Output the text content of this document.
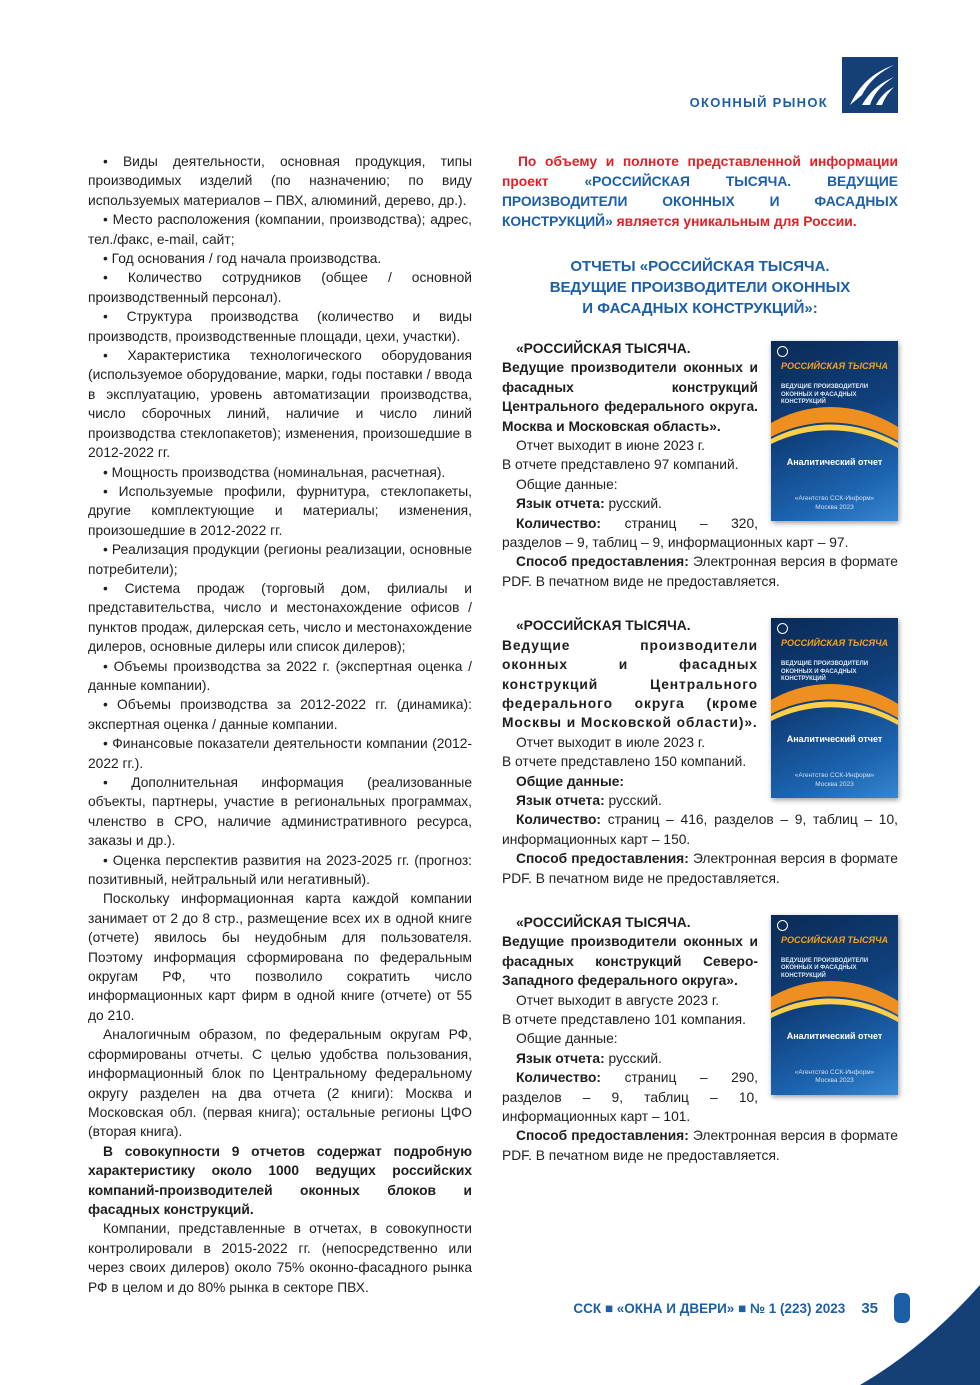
ОКОННЫЙ РЫНОК

• Виды деятельности, основная продукция, типы производимых изделий (по назначению; по виду используемых материалов – ПВХ, алюминий, дерево, др.).

• Место расположения (компании, производства); адрес, тел./факс, e-mail, сайт;

• Год основания / год начала производства.

• Количество сотрудников (общее / основной производственный персонал).

• Структура производства (количество и виды производств, производственные площади, цехи, участки).

• Характеристика технологического оборудования (используемое оборудование, марки, годы поставки / ввода в эксплуатацию, уровень автоматизации производства, число сборочных линий, наличие и число линий производства стеклопакетов); изменения, произошедшие в 2012-2022 гг.

• Мощность производства (номинальная, расчетная).

• Используемые профили, фурнитура, стеклопакеты, другие комплектующие и материалы; изменения, произошедшие в 2012-2022 гг.

• Реализация продукции (регионы реализации, основные потребители);

• Система продаж (торговый дом, филиалы и представительства, число и местонахождение офисов / пунктов продаж, дилерская сеть, число и местонахождение дилеров, основные дилеры или список дилеров);

• Объемы производства за 2022 г. (экспертная оценка / данные компании).

• Объемы производства за 2012-2022 гг. (динамика): экспертная оценка / данные компании.

• Финансовые показатели деятельности компании (2012-2022 гг.).

• Дополнительная информация (реализованные объекты, партнеры, участие в региональных программах, членство в СРО, наличие административного ресурса, заказы и др.).

• Оценка перспектив развития на 2023-2025 гг. (прогноз: позитивный, нейтральный или негативный).

Поскольку информационная карта каждой компании занимает от 2 до 8 стр., размещение всех их в одной книге (отчете) явилось бы неудобным для пользователя. Поэтому информация сформирована по федеральным округам РФ, что позволило сократить число информационных карт фирм в одной книге (отчете) от 55 до 210.

Аналогичным образом, по федеральным округам РФ, сформированы отчеты. С целью удобства пользования, информационный блок по Центральному федеральному округу разделен на два отчета (2 книги): Москва и Московская обл. (первая книга); остальные регионы ЦФО (вторая книга).

В совокупности 9 отчетов содержат подробную характеристику около 1000 ведущих российских компаний-производителей оконных блоков и фасадных конструкций.

Компании, представленные в отчетах, в совокупности контролировали в 2015-2022 гг. (непосредственно или через своих дилеров) около 75% оконно-фасадного рынка РФ в целом и до 80% рынка в секторе ПВХ.

По объему и полноте представленной информации проект «РОССИЙСКАЯ ТЫСЯЧА. ВЕДУЩИЕ ПРОИЗВОДИТЕЛИ ОКОННЫХ И ФАСАДНЫХ КОНСТРУКЦИЙ» является уникальным для России.

ОТЧЕТЫ «РОССИЙСКАЯ ТЫСЯЧА.
ВЕДУЩИЕ ПРОИЗВОДИТЕЛИ ОКОННЫХ
И ФАСАДНЫХ КОНСТРУКЦИЙ»:
РОССИЙСКАЯ ТЫСЯЧА
ВЕДУЩИЕ ПРОИЗВОДИТЕЛИ ОКОННЫХ И ФАСАДНЫХ КОНСТРУКЦИЙ
Аналитический отчет
«Агентство ССК-Информ»
Москва 2023

«РОССИЙСКАЯ ТЫСЯЧА.

Ведущие производители оконных и фасадных конструкций Центрального федерального округа. Москва и Московская область».

Отчет выходит в июне 2023 г.

В отчете представлено 97 компаний.

Общие данные:

Язык отчета: русский.

Количество: страниц – 320, разделов – 9, таблиц – 9, информационных карт – 97.

Способ предоставления: Электронная версия в формате PDF. В печатном виде не предоставляется.

РОССИЙСКАЯ ТЫСЯЧА
ВЕДУЩИЕ ПРОИЗВОДИТЕЛИ ОКОННЫХ И ФАСАДНЫХ КОНСТРУКЦИЙ
Аналитический отчет
«Агентство ССК-Информ»
Москва 2023

«РОССИЙСКАЯ ТЫСЯЧА.

Ведущие производители оконных и фасадных конструкций Центрального федерального округа (кроме Москвы и Московской области)».

Отчет выходит в июле 2023 г.

В отчете представлено 150 компаний.

Общие данные:

Язык отчета: русский.

Количество: страниц – 416, разделов – 9, таблиц – 10, информационных карт – 150.

Способ предоставления: Электронная версия в формате PDF. В печатном виде не предоставляется.

РОССИЙСКАЯ ТЫСЯЧА
ВЕДУЩИЕ ПРОИЗВОДИТЕЛИ ОКОННЫХ И ФАСАДНЫХ КОНСТРУКЦИЙ
Аналитический отчет
«Агентство ССК-Информ»
Москва 2023

«РОССИЙСКАЯ ТЫСЯЧА.

Ведущие производители оконных и фасадных конструкций Северо-Западного федерального округа».

Отчет выходит в августе 2023 г.

В отчете представлено 101 компания.

Общие данные:

Язык отчета: русский.

Количество: страниц – 290, разделов – 9, таблиц – 10, информационных карт – 101.

Способ предоставления: Электронная версия в формате PDF. В печатном виде не предоставляется.

ССК ■ «ОКНА И ДВЕРИ» ■ № 1 (223) 2023 35
